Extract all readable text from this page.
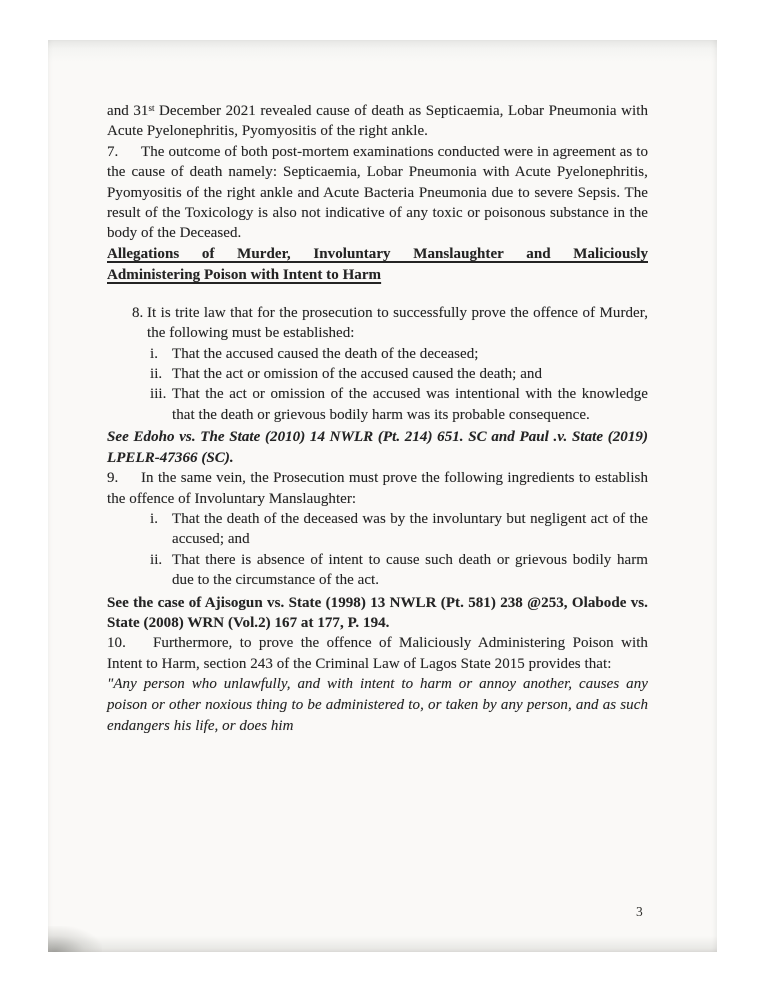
and 31st December 2021 revealed cause of death as Septicaemia, Lobar Pneumonia with Acute Pyelonephritis, Pyomyositis of the right ankle.

7. The outcome of both post-mortem examinations conducted were in agreement as to the cause of death namely: Septicaemia, Lobar Pneumonia with Acute Pyelonephritis, Pyomyositis of the right ankle and Acute Bacteria Pneumonia due to severe Sepsis. The result of the Toxicology is also not indicative of any toxic or poisonous substance in the body of the Deceased.

Allegations of Murder, Involuntary Manslaughter and Maliciously
Administering Poison with Intent to Harm

8. It is trite law that for the prosecution to successfully prove the offence of Murder, the following must be established:

i. That the accused caused the death of the deceased;
ii. That the act or omission of the accused caused the death; and
iii. That the act or omission of the accused was intentional with the knowledge that the death or grievous bodily harm was its probable consequence.

See Edoho vs. The State (2010) 14 NWLR (Pt. 214) 651. SC and Paul .v. State (2019) LPELR-47366 (SC).

9. In the same vein, the Prosecution must prove the following ingredients to establish the offence of Involuntary Manslaughter:

i. That the death of the deceased was by the involuntary but negligent act of the accused; and
ii. That there is absence of intent to cause such death or grievous bodily harm due to the circumstance of the act.

See the case of Ajisogun vs. State (1998) 13 NWLR (Pt. 581) 238 @253, Olabode vs. State (2008) WRN (Vol.2) 167 at 177, P. 194.

10. Furthermore, to prove the offence of Maliciously Administering Poison with Intent to Harm, section 243 of the Criminal Law of Lagos State 2015 provides that:

"Any person who unlawfully, and with intent to harm or annoy another, causes any poison or other noxious thing to be administered to, or taken by any person, and as such endangers his life, or does him

3
